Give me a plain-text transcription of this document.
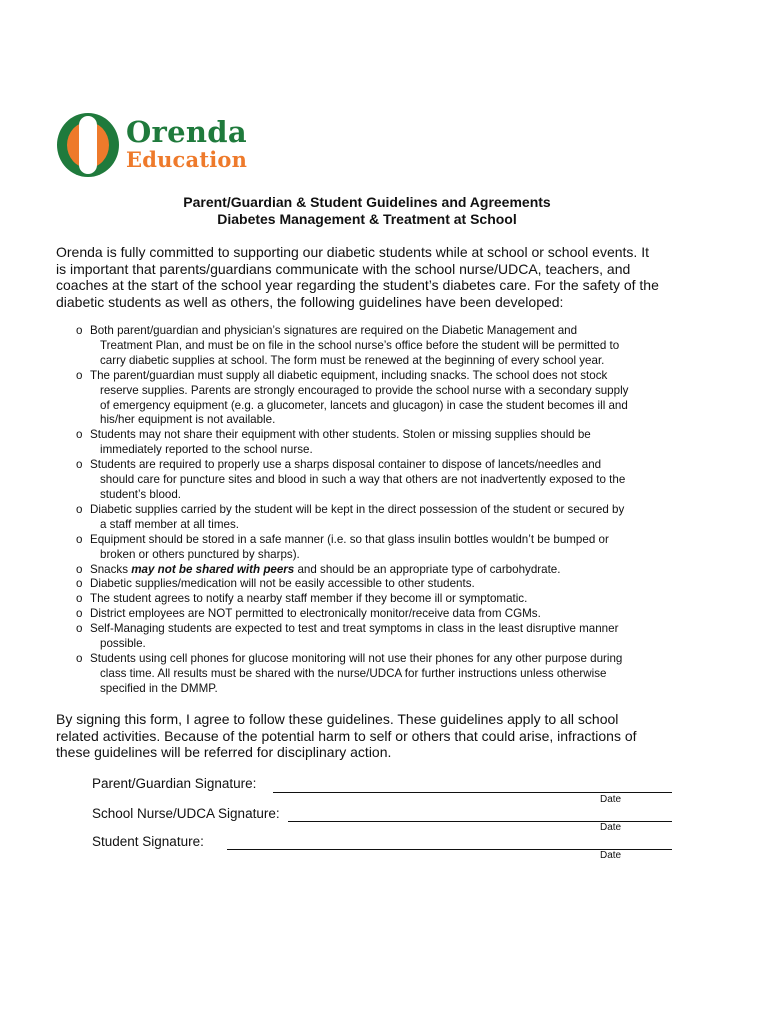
Orenda
Education
Parent/Guardian & Student Guidelines and Agreements
Diabetes Management & Treatment at School
Orenda is fully committed to supporting our diabetic students while at school or school events. It is important that parents/guardians communicate with the school nurse/UDCA, teachers, and coaches at the start of the school year regarding the student’s diabetes care. For the safety of the diabetic students as well as others, the following guidelines have been developed:
o Both parent/guardian and physician’s signatures are required on the Diabetic Management and
Treatment Plan, and must be on file in the school nurse’s office before the student will be permitted to
carry diabetic supplies at school. The form must be renewed at the beginning of every school year.
o The parent/guardian must supply all diabetic equipment, including snacks. The school does not stock
reserve supplies. Parents are strongly encouraged to provide the school nurse with a secondary supply
of emergency equipment (e.g. a glucometer, lancets and glucagon) in case the student becomes ill and
his/her equipment is not available.
o Students may not share their equipment with other students. Stolen or missing supplies should be
immediately reported to the school nurse.
o Students are required to properly use a sharps disposal container to dispose of lancets/needles and
should care for puncture sites and blood in such a way that others are not inadvertently exposed to the
student’s blood.
o Diabetic supplies carried by the student will be kept in the direct possession of the student or secured by
a staff member at all times.
o Equipment should be stored in a safe manner (i.e. so that glass insulin bottles wouldn’t be bumped or
broken or others punctured by sharps).
o Snacks may not be shared with peers and should be an appropriate type of carbohydrate.
o Diabetic supplies/medication will not be easily accessible to other students.
o The student agrees to notify a nearby staff member if they become ill or symptomatic.
o District employees are NOT permitted to electronically monitor/receive data from CGMs.
o Self-Managing students are expected to test and treat symptoms in class in the least disruptive manner
possible.
o Students using cell phones for glucose monitoring will not use their phones for any other purpose during
class time. All results must be shared with the nurse/UDCA for further instructions unless otherwise
specified in the DMMP.
By signing this form, I agree to follow these guidelines. These guidelines apply to all school related activities. Because of the potential harm to self or others that could arise, infractions of these guidelines will be referred for disciplinary action.
Parent/Guardian Signature:
Date
School Nurse/UDCA Signature:
Date
Student Signature:
Date
